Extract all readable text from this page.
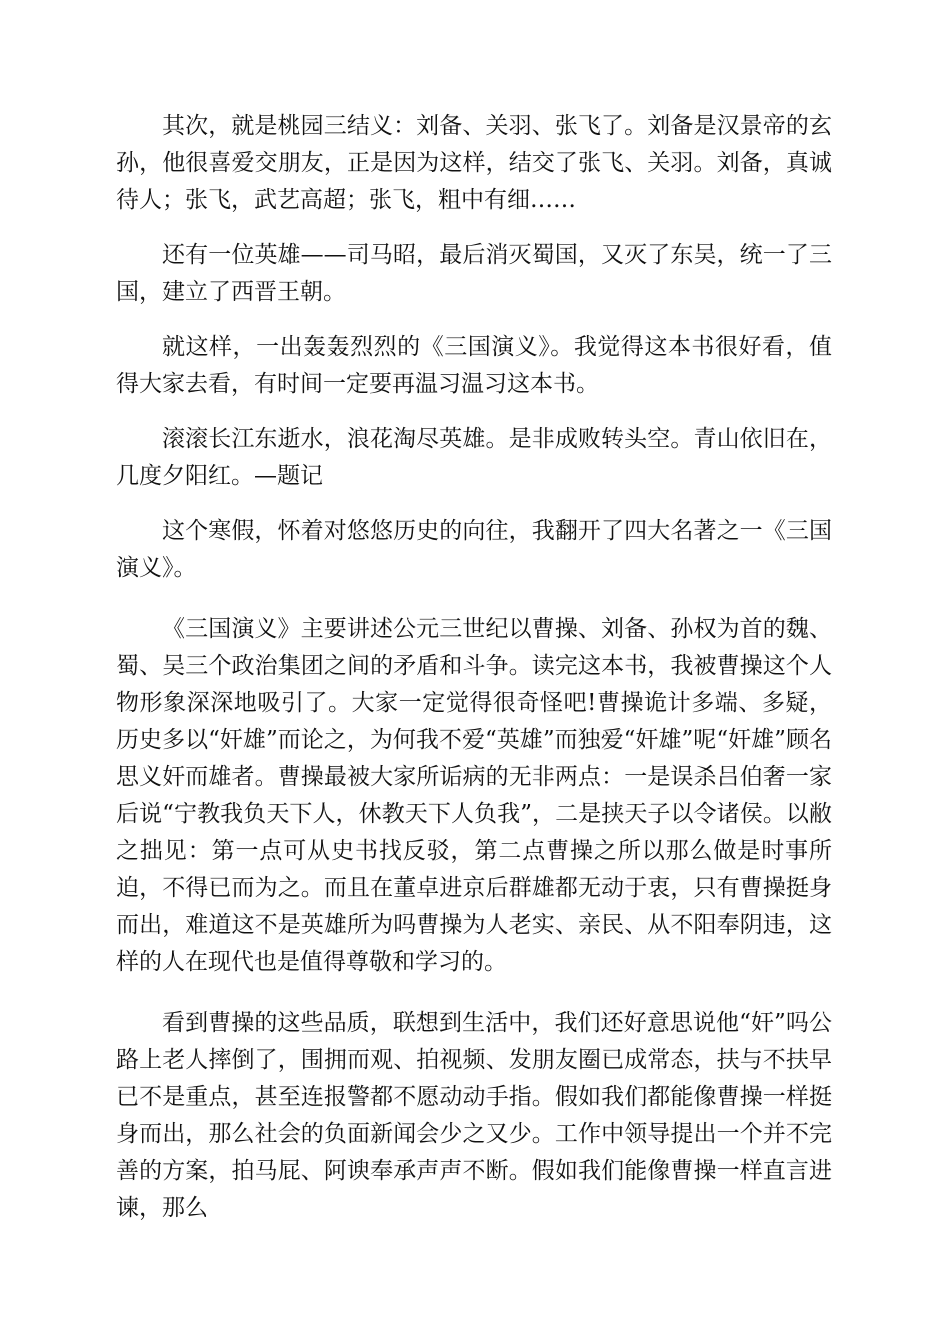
其次，就是桃园三结义：刘备、关羽、张飞了。刘备是汉景帝的玄孙，他很喜爱交朋友，正是因为这样，结交了张飞、关羽。刘备，真诚待人；张飞，武艺高超；张飞，粗中有细……

还有一位英雄——司马昭，最后消灭蜀国，又灭了东吴，统一了三国，建立了西晋王朝。

就这样，一出轰轰烈烈的《三国演义》。我觉得这本书很好看，值得大家去看，有时间一定要再温习温习这本书。

滚滚长江东逝水，浪花淘尽英雄。是非成败转头空。青山依旧在，几度夕阳红。—题记

这个寒假，怀着对悠悠历史的向往，我翻开了四大名著之一《三国演义》。

《三国演义》主要讲述公元三世纪以曹操、刘备、孙权为首的魏、蜀、吴三个政治集团之间的矛盾和斗争。读完这本书，我被曹操这个人物形象深深地吸引了。大家一定觉得很奇怪吧!曹操诡计多端、多疑，历史多以“奸雄”而论之，为何我不爱“英雄”而独爱“奸雄”呢“奸雄”顾名思义奸而雄者。曹操最被大家所诟病的无非两点：一是误杀吕伯奢一家后说“宁教我负天下人，休教天下人负我”，二是挟天子以令诸侯。以敝之拙见：第一点可从史书找反驳，第二点曹操之所以那么做是时事所迫，不得已而为之。而且在董卓进京后群雄都无动于衷，只有曹操挺身而出，难道这不是英雄所为吗曹操为人老实、亲民、从不阳奉阴违，这样的人在现代也是值得尊敬和学习的。

看到曹操的这些品质，联想到生活中，我们还好意思说他“奸”吗公路上老人摔倒了，围拥而观、拍视频、发朋友圈已成常态，扶与不扶早已不是重点，甚至连报警都不愿动动手指。假如我们都能像曹操一样挺身而出，那么社会的负面新闻会少之又少。工作中领导提出一个并不完善的方案，拍马屁、阿谀奉承声声不断。假如我们能像曹操一样直言进谏，那么
